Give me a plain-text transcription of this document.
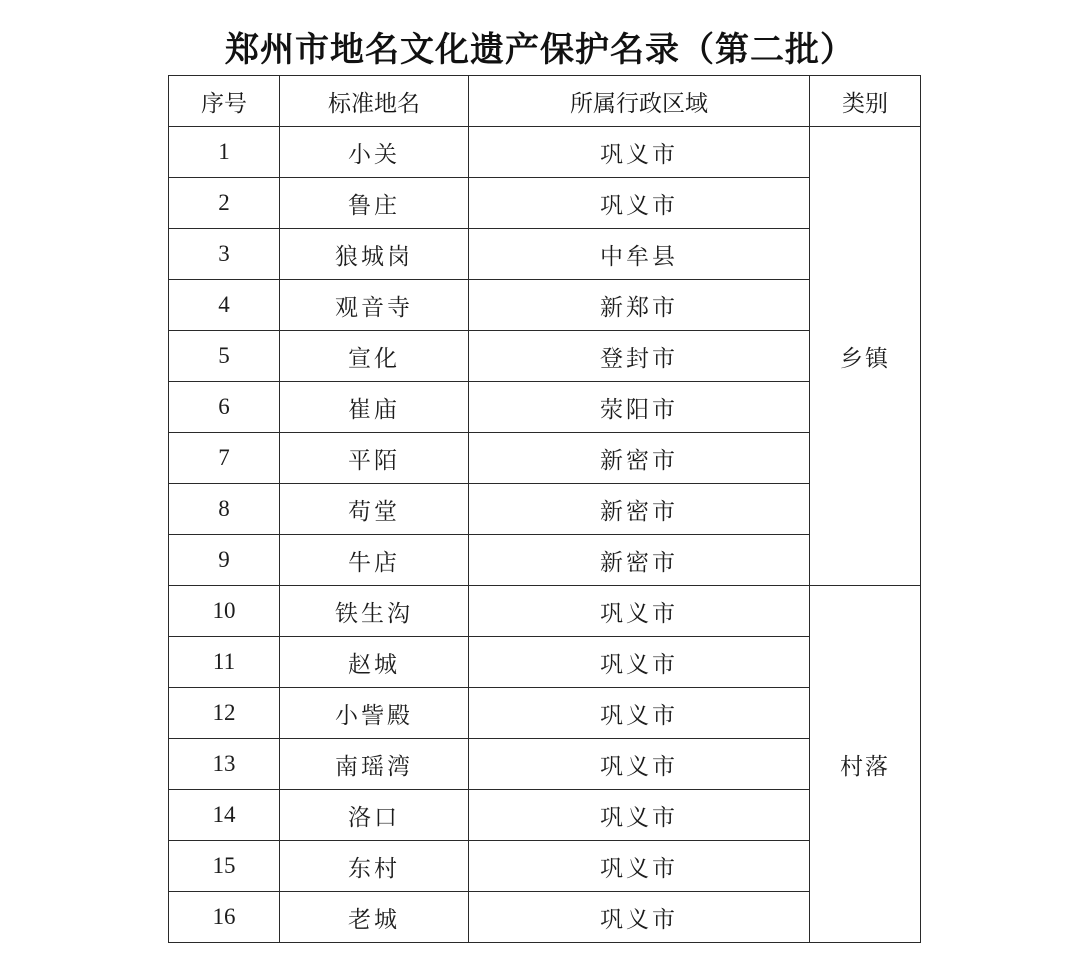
郑州市地名文化遗产保护名录（第二批）
序号	标准地名	所属行政区域	类别
1	小关	巩义市	乡镇
2	鲁庄	巩义市	
3	狼城岗	中牟县	
4	观音寺	新郑市	
5	宣化	登封市	
6	崔庙	荥阳市	
7	平陌	新密市	
8	苟堂	新密市	
9	牛店	新密市	
10	铁生沟	巩义市	村落
11	赵城	巩义市	
12	小訾殿	巩义市	
13	南瑶湾	巩义市	
14	洛口	巩义市	
15	东村	巩义市	
16	老城	巩义市	
